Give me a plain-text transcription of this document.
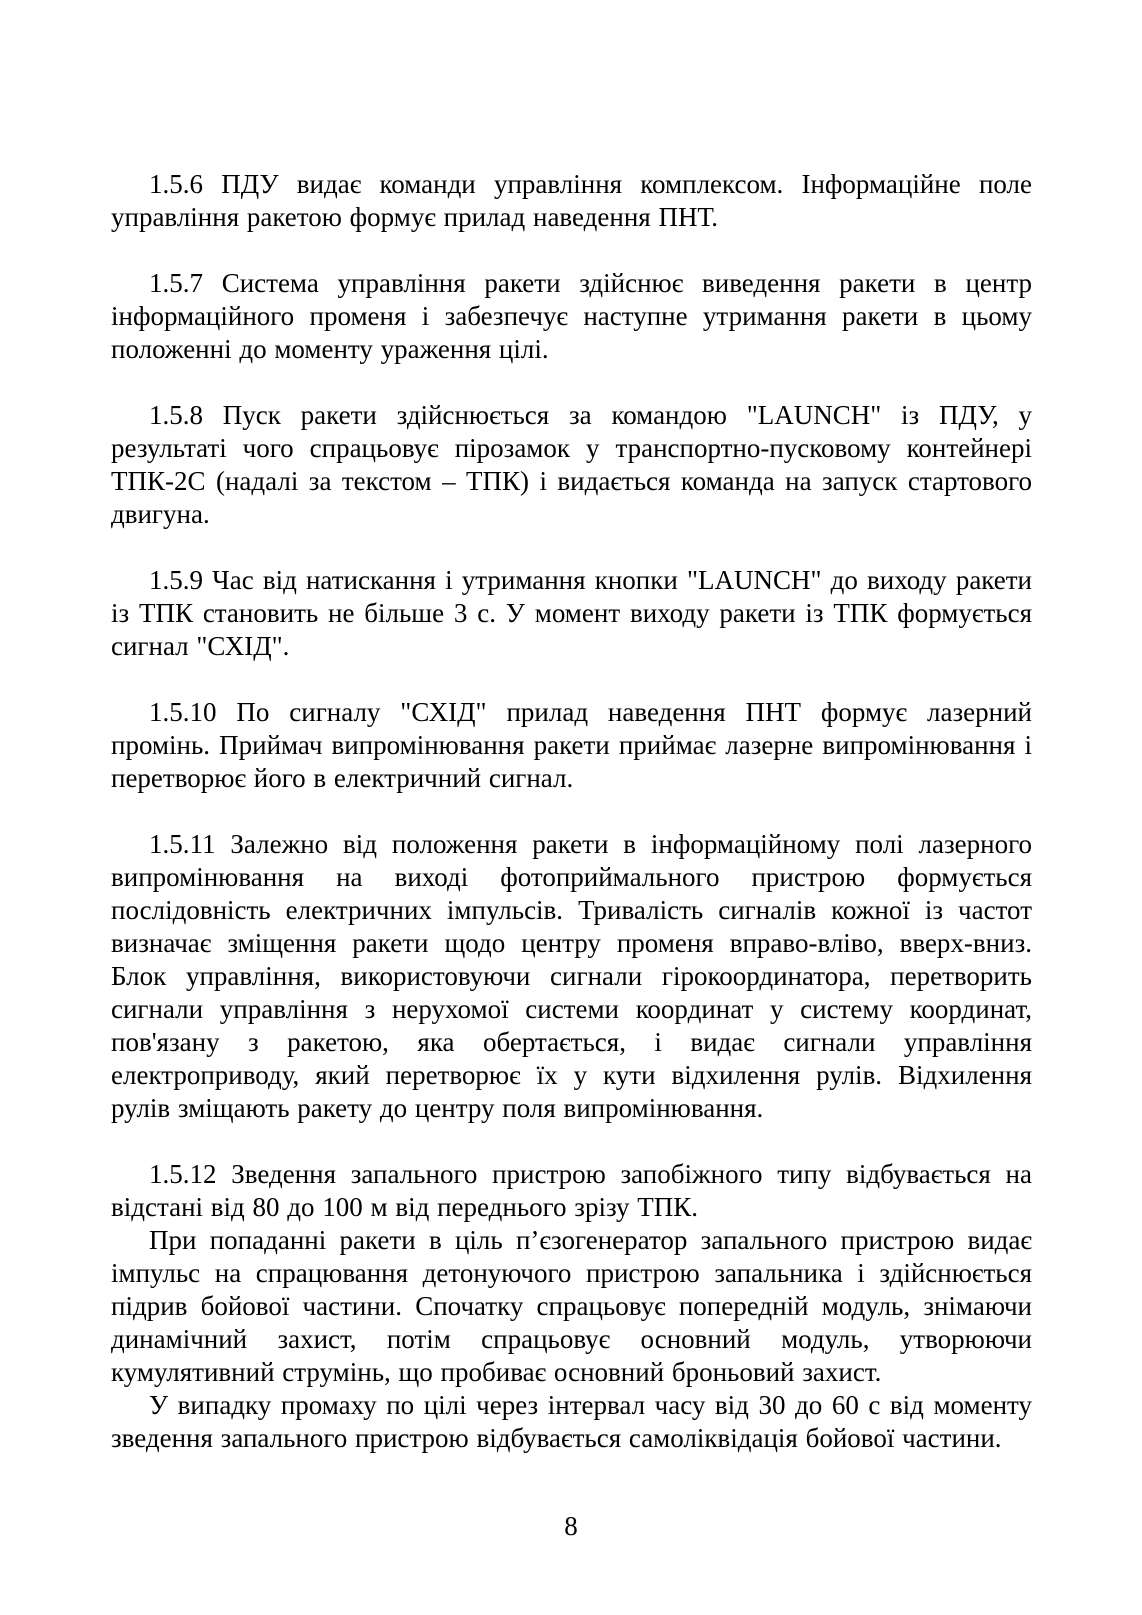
1.5.6 ПДУ видає команди управління комплексом. Інформаційне поле управління ракетою формує прилад наведення ПНТ.

1.5.7 Система управління ракети здійснює виведення ракети в центр інформаційного променя і забезпечує наступне утримання ракети в цьому положенні до моменту ураження цілі.

1.5.8 Пуск ракети здійснюється за командою "LAUNCH" із ПДУ, у результаті чого спрацьовує пірозамок у транспортно-пусковому контейнері ТПК-2С (надалі за текстом – ТПК) і видається команда на запуск стартового двигуна.

1.5.9 Час від натискання і утримання кнопки "LAUNCH" до виходу ракети із ТПК становить не більше 3 с. У момент виходу ракети із ТПК формується сигнал "СХІД".

1.5.10 По сигналу "СХІД" прилад наведення ПНТ формує лазерний промінь. Приймач випромінювання ракети приймає лазерне випромінювання і перетворює його в електричний сигнал.

1.5.11 Залежно від положення ракети в інформаційному полі лазерного випромінювання на виході фотоприймального пристрою формується послідовність електричних імпульсів. Тривалість сигналів кожної із частот визначає зміщення ракети щодо центру променя вправо-вліво, вверх-вниз. Блок управління, використовуючи сигнали гірокоординатора, перетворить сигнали управління з нерухомої системи координат у систему координат, пов'язану з ракетою, яка обертається, і видає сигнали управління електроприводу, який перетворює їх у кути відхилення рулів. Відхилення рулів зміщають ракету до центру поля випромінювання.

1.5.12 Зведення запального пристрою запобіжного типу відбувається на відстані від 80 до 100 м від переднього зрізу ТПК.

При попаданні ракети в ціль п’єзогенератор запального пристрою видає імпульс на спрацювання детонуючого пристрою запальника і здійснюється підрив бойової частини. Спочатку спрацьовує попередній модуль, знімаючи динамічний захист, потім спрацьовує основний модуль, утворюючи кумулятивний струмінь, що пробиває основний броньовий захист.

У випадку промаху по цілі через інтервал часу від 30 до 60 с від моменту зведення запального пристрою відбувається самоліквідація бойової частини.

8
